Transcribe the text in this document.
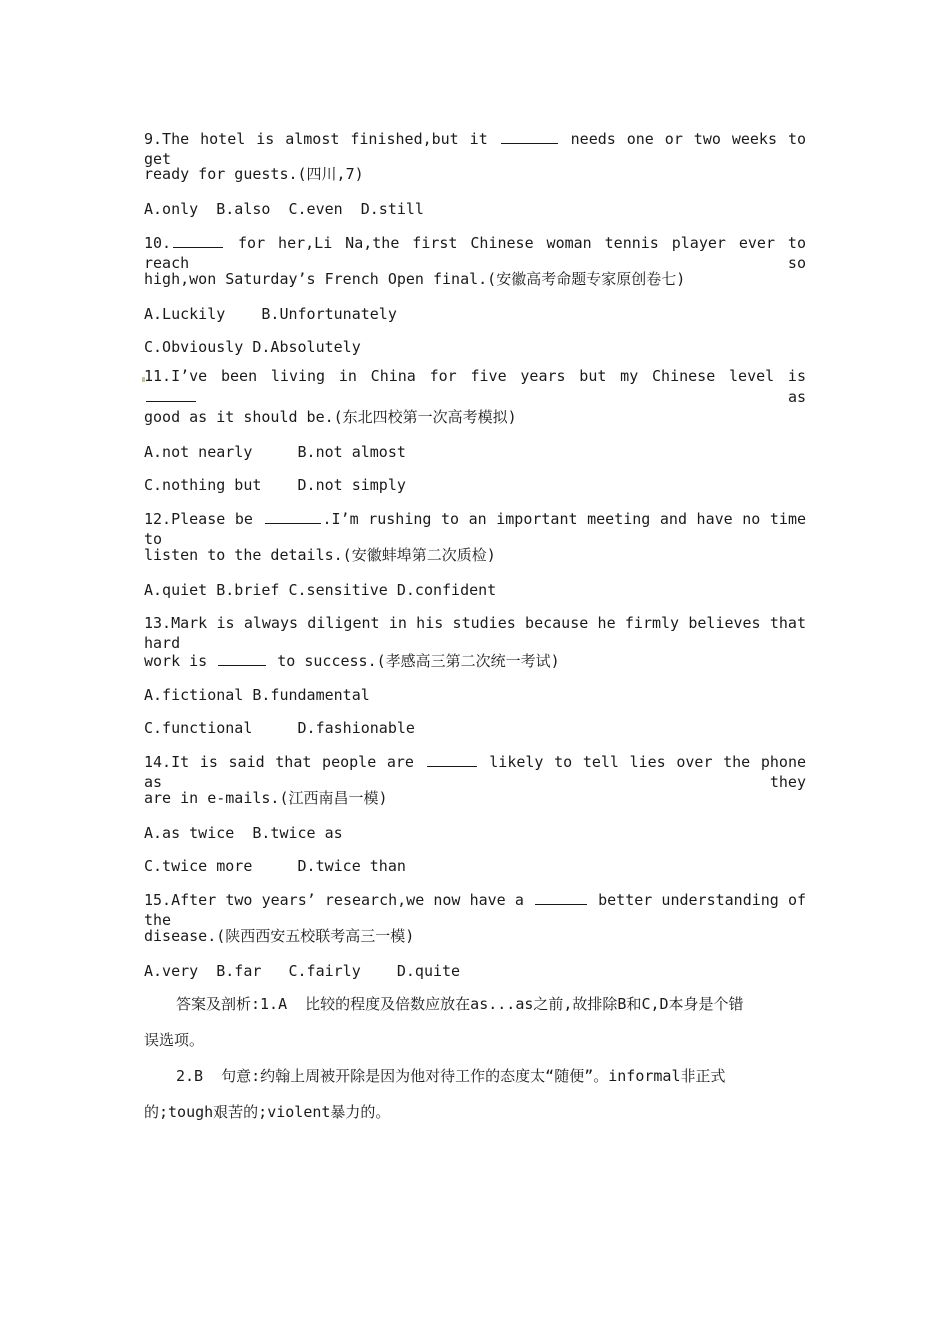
9.The hotel is almost finished,but it	needs one or two weeks to get
ready for guests.(四川,7)
A.only  B.also  C.even  D.still
10.	for her,Li Na,the first Chinese woman tennis player ever to reach so
high,won Saturday’s French Open final.(安徽高考命题专家原创卷七)
A.Luckily    B.Unfortunately
C.Obviously D.Absolutely
11.I’ve been living in China for five years but my Chinese level is  as
good as it should be.(东北四校第一次高考模拟)
A.not nearly     B.not almost
C.nothing but    D.not simply
12.Please be	.I’m rushing to an important meeting and have no time to
listen to the details.(安徽蚌埠第二次质检)
A.quiet B.brief C.sensitive D.confident
13.Mark is always diligent in his studies because he firmly believes that hard
work is	to success.(孝感高三第二次统一考试)
A.fictional B.fundamental
C.functional     D.fashionable
14.It is said that people are	likely to tell lies over the phone as they
are in e-mails.(江西南昌一模)
A.as twice  B.twice as
C.twice more     D.twice than
15.After two years’ research,we now have a	better understanding of the
disease.(陕西西安五校联考高三一模)
A.very  B.far   C.fairly    D.quite
答案及剖析:1.A  比较的程度及倍数应放在as...as之前,故排除B和C,D本身是个错
误选项。
2.B  句意:约翰上周被开除是因为他对待工作的态度太“随便”。informal非正式
的;tough艰苦的;violent暴力的。
